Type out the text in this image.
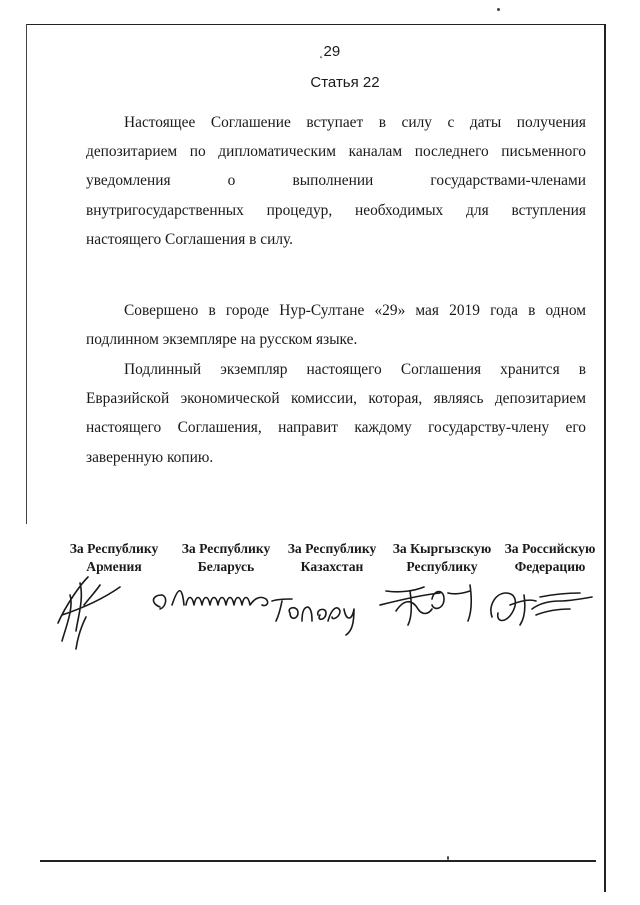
˛29
Статья 22
Настоящее Соглашение вступает в силу с даты получения депозитарием по дипломатическим каналам последнего письменного уведомления о выполнении государствами-членами внутригосударственных процедур, необходимых для вступления настоящего Соглашения в силу.
Совершено в городе Нур-Султане «29» мая 2019 года в одном подлинном экземпляре на русском языке.
Подлинный экземпляр настоящего Соглашения хранится в Евразийской экономической комиссии, которая, являясь депозитарием настоящего Соглашения, направит каждому государству-члену его заверенную копию.
За Республику
Армения
За Республику
Беларусь
За Республику
Казахстан
За Кыргызскую
Республику
За Российскую
Федерацию
